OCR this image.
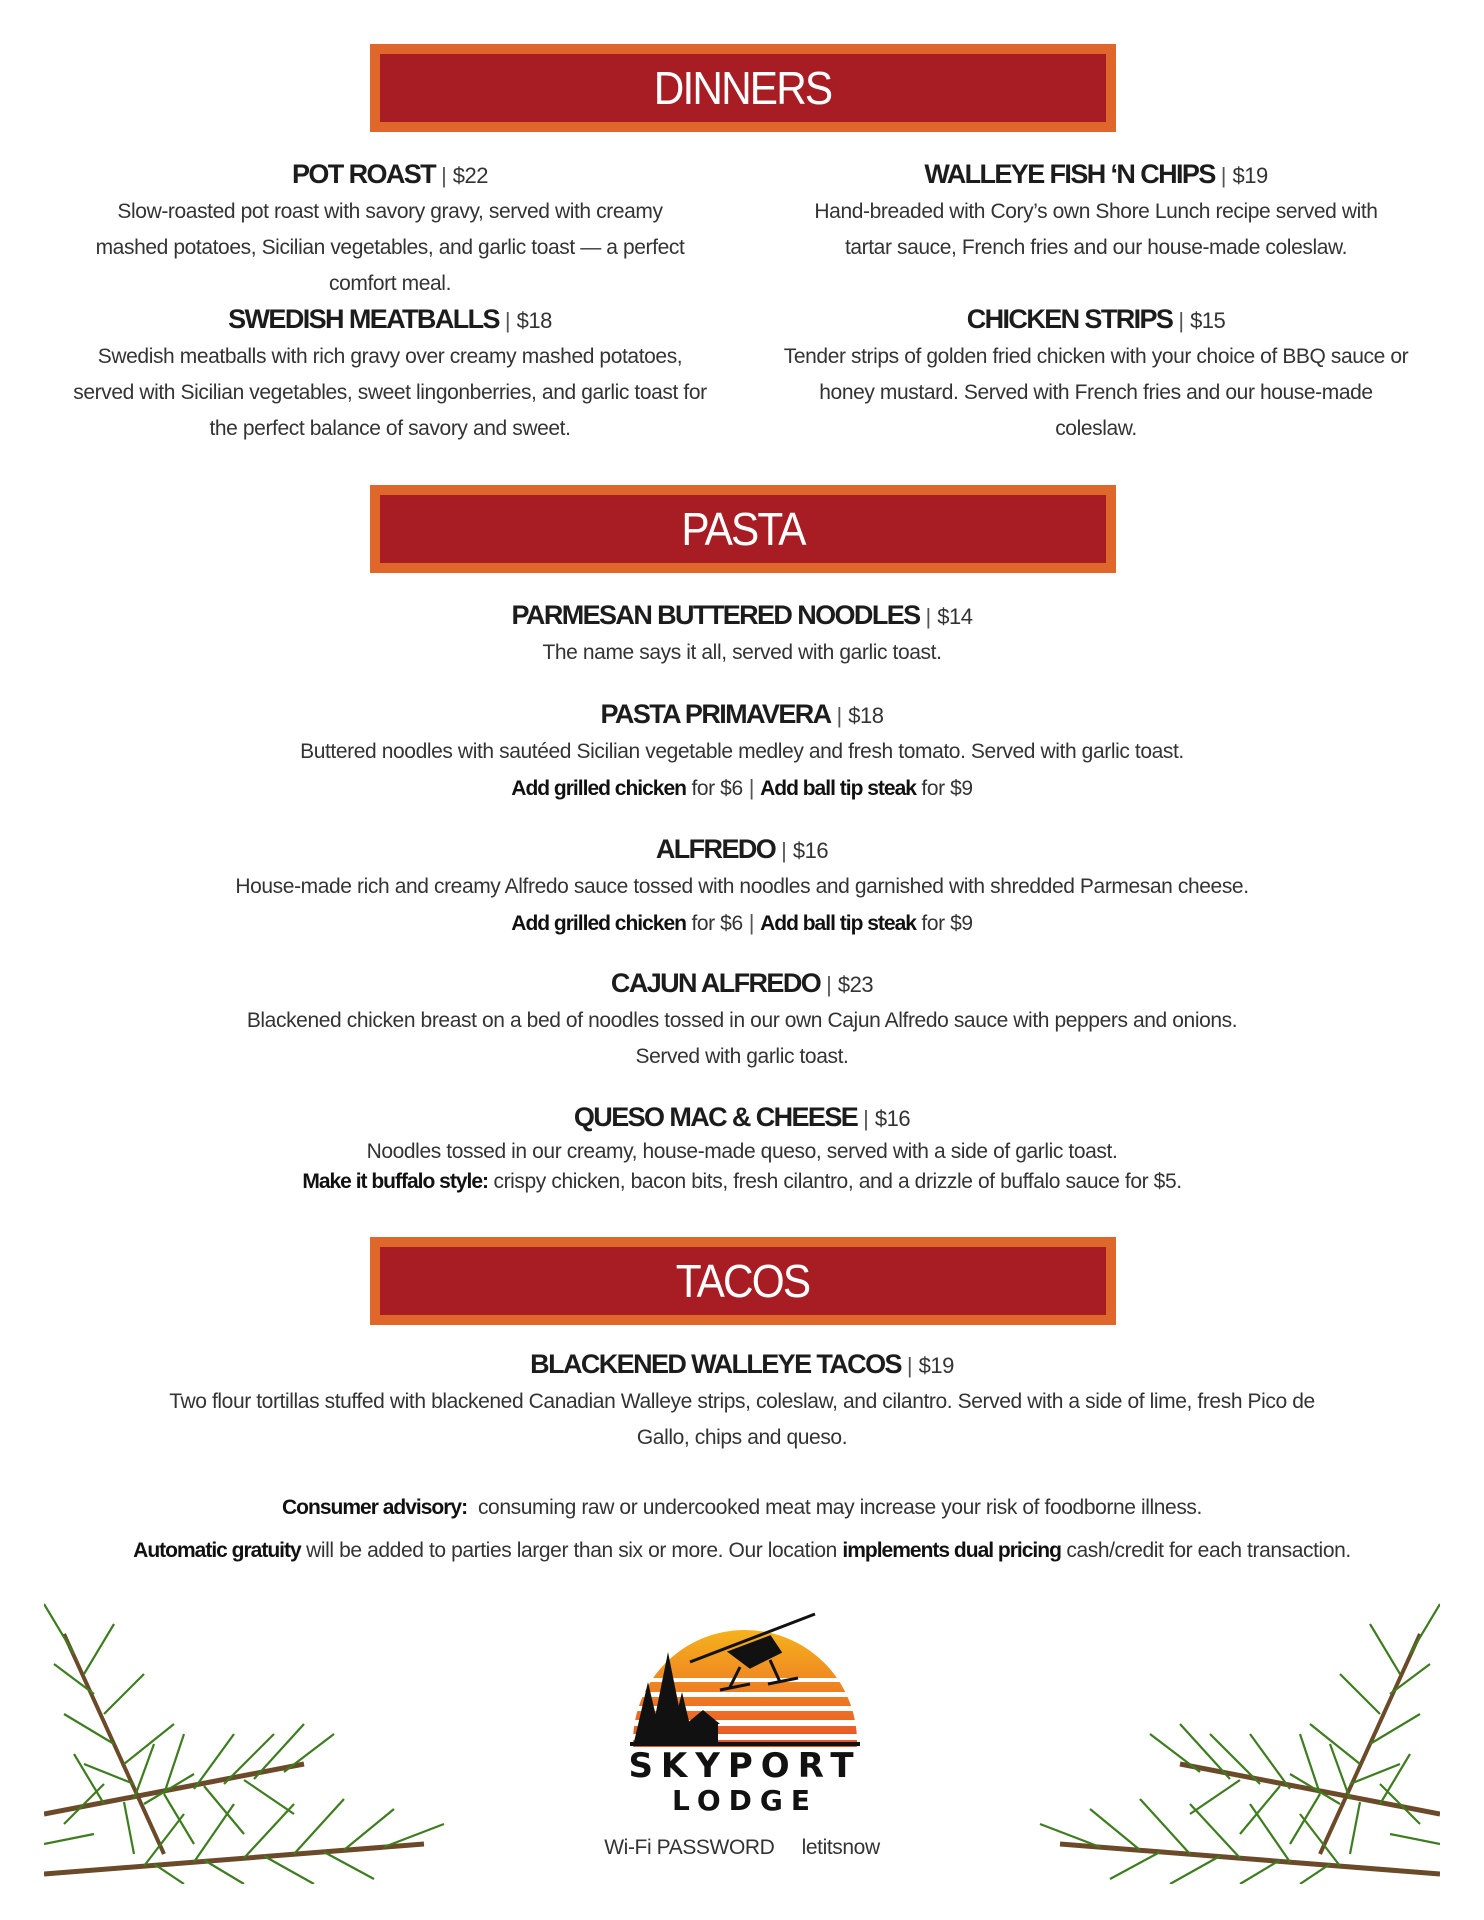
DINNERS

POT ROAST | $22

Slow-roasted pot roast with savory gravy, served with creamy mashed potatoes, Sicilian vegetables, and garlic toast — a perfect comfort meal.

WALLEYE FISH ‘N CHIPS | $19

Hand-breaded with Cory’s own Shore Lunch recipe served with tartar sauce, French fries and our house-made coleslaw.

SWEDISH MEATBALLS | $18

Swedish meatballs with rich gravy over creamy mashed potatoes, served with Sicilian vegetables, sweet lingonberries, and garlic toast for the perfect balance of savory and sweet.

CHICKEN STRIPS | $15

Tender strips of golden fried chicken with your choice of BBQ sauce or honey mustard. Served with French fries and our house-made coleslaw.

PASTA

PARMESAN BUTTERED NOODLES | $14

The name says it all, served with garlic toast.

PASTA PRIMAVERA | $18

Buttered noodles with sautéed Sicilian vegetable medley and fresh tomato. Served with garlic toast.

Add grilled chicken for $6 | Add ball tip steak for $9

ALFREDO | $16

House-made rich and creamy Alfredo sauce tossed with noodles and garnished with shredded Parmesan cheese.

Add grilled chicken for $6 | Add ball tip steak for $9

CAJUN ALFREDO | $23

Blackened chicken breast on a bed of noodles tossed in our own Cajun Alfredo sauce with peppers and onions. Served with garlic toast.

QUESO MAC & CHEESE | $16

Noodles tossed in our creamy, house-made queso, served with a side of garlic toast.

Make it buffalo style: crispy chicken, bacon bits, fresh cilantro, and a drizzle of buffalo sauce for $5.

TACOS

BLACKENED WALLEYE TACOS | $19

Two flour tortillas stuffed with blackened Canadian Walleye strips, coleslaw, and cilantro. Served with a side of lime, fresh Pico de Gallo, chips and queso.

Consumer advisory: consuming raw or undercooked meat may increase your risk of foodborne illness.
Automatic gratuity will be added to parties larger than six or more. Our location implements dual pricing cash/credit for each transaction.
SKYPORT
LODGE
Wi-Fi PASSWORD letitsnow
